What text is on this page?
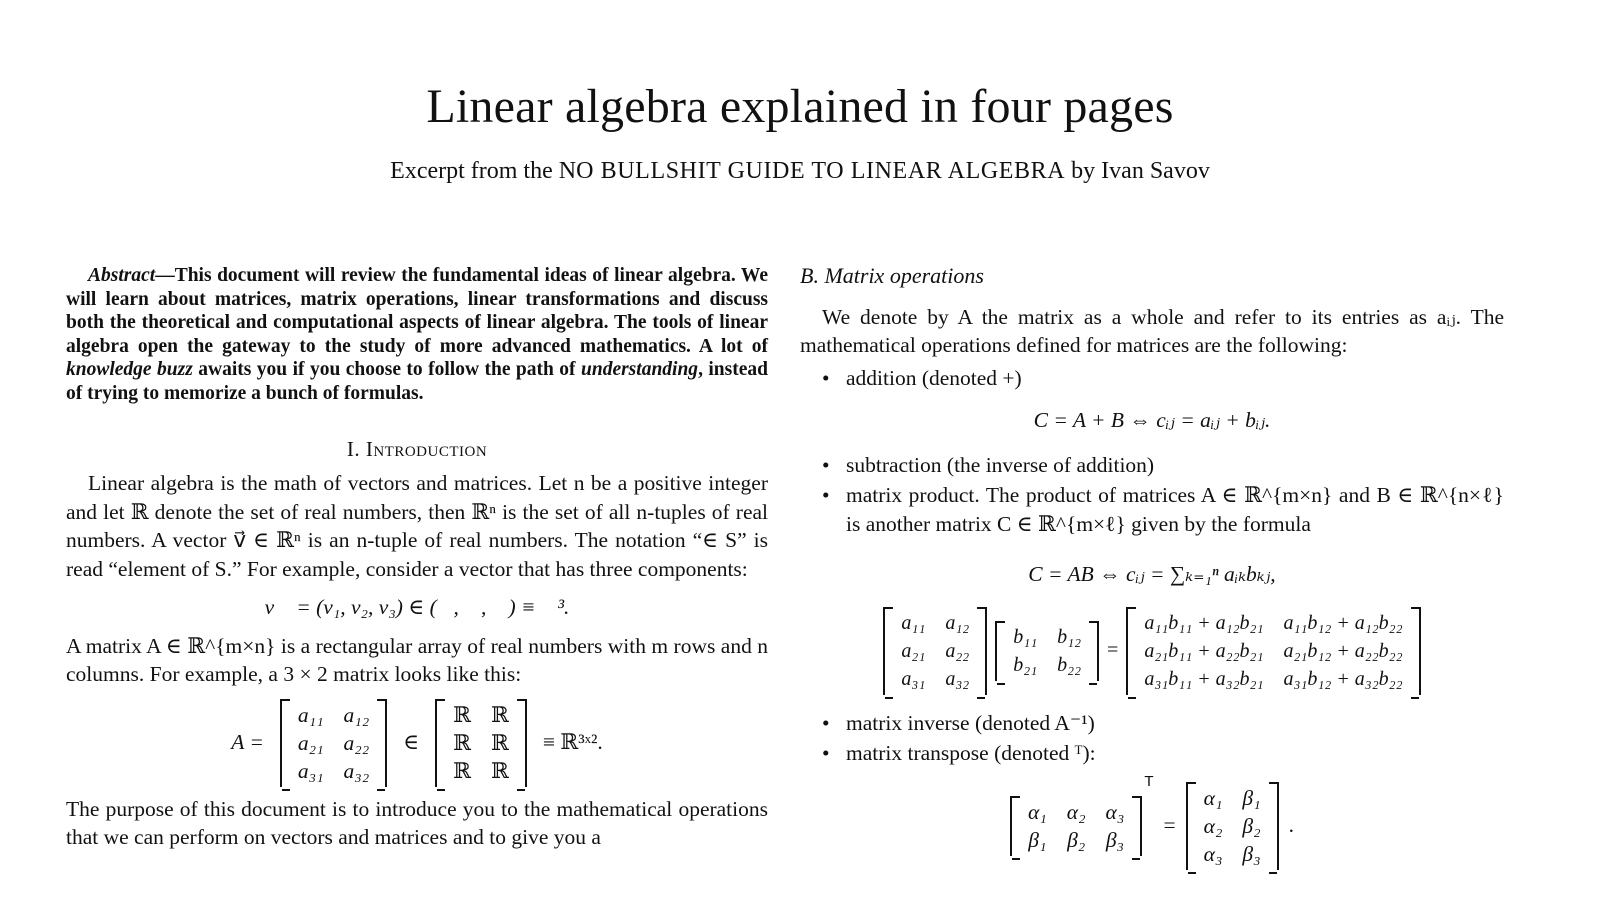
Linear algebra explained in four pages
Excerpt from the NO BULLSHIT GUIDE TO LINEAR ALGEBRA by Ivan Savov

Abstract—This document will review the fundamental ideas of linear algebra. We will learn about matrices, matrix operations, linear transformations and discuss both the theoretical and computational aspects of linear algebra. The tools of linear algebra open the gateway to the study of more advanced mathematics. A lot of knowledge buzz awaits you if you choose to follow the path of understanding, instead of trying to memorize a bunch of formulas.

I. Introduction

Linear algebra is the math of vectors and matrices. Let n be a positive integer and let ℝ denote the set of real numbers, then ℝⁿ is the set of all n-tuples of real numbers. A vector v⃗ ∈ ℝⁿ is an n-tuple of real numbers. The notation “∈ S” is read “element of S.” For example, consider a vector that has three components:

v⃗ = (v₁, v₂, v₃) ∈ (ℝ, ℝ, ℝ) ≡ ℝ³.

A matrix A ∈ ℝ^{m×n} is a rectangular array of real numbers with m rows and n columns. For example, a 3 × 2 matrix looks like this:

A =
a₁₁	a₁₂
a₂₁	a₂₂
a₃₁	a₃₂
∈
ℝ	ℝ
ℝ	ℝ
ℝ	ℝ
≡ ℝ³ˣ².

The purpose of this document is to introduce you to the mathematical operations that we can perform on vectors and matrices and to give you a

B. Matrix operations

We denote by A the matrix as a whole and refer to its entries as aᵢⱼ. The mathematical operations defined for matrices are the following:

• addition (denoted +)
C = A + B ⇔ cᵢⱼ = aᵢⱼ + bᵢⱼ.
• subtraction (the inverse of addition)
• matrix product. The product of matrices A ∈ ℝ^{m×n} and B ∈ ℝ^{n×ℓ} is another matrix C ∈ ℝ^{m×ℓ} given by the formula
C = AB ⇔ cᵢⱼ = ∑ₖ₌₁ⁿ aᵢₖbₖⱼ,
a₁₁	a₁₂
a₂₁	a₂₂
a₃₁	a₃₂
b₁₁	b₁₂
b₂₁	b₂₂
=
a₁₁b₁₁ + a₁₂b₂₁	a₁₁b₁₂ + a₁₂b₂₂
a₂₁b₁₁ + a₂₂b₂₁	a₂₁b₁₂ + a₂₂b₂₂
a₃₁b₁₁ + a₃₂b₂₁	a₃₁b₁₂ + a₃₂b₂₂
• matrix inverse (denoted A⁻¹)
• matrix transpose (denoted ᵀ):
α₁	α₂	α₃
β₁	β₂	β₃
T
=
α₁	β₁
α₂	β₂
α₃	β₃
.
